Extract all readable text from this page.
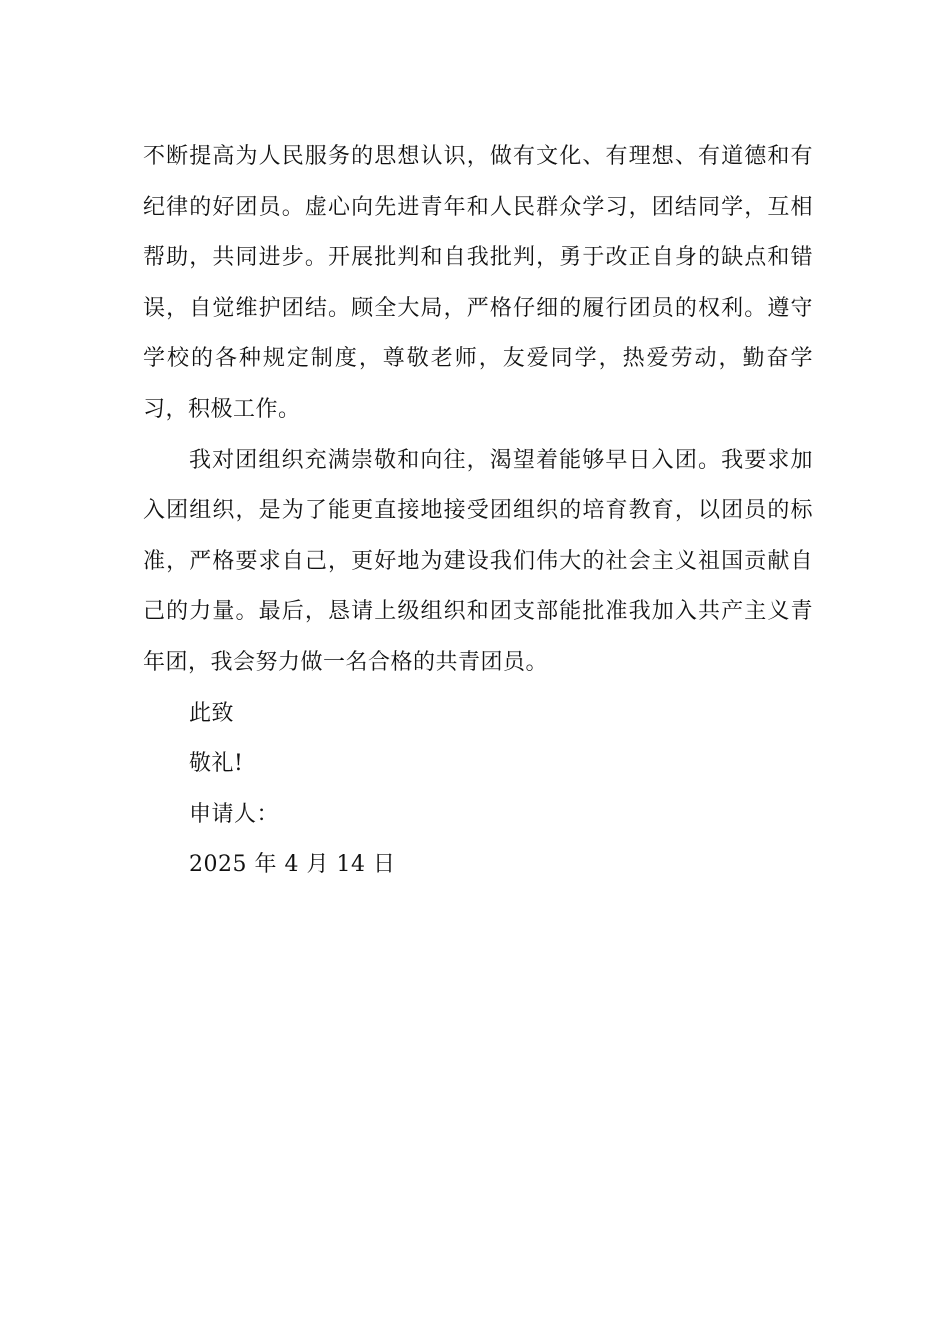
不断提高为人民服务的思想认识，做有文化、有理想、有道德和有纪律的好团员。虚心向先进青年和人民群众学习，团结同学，互相帮助，共同进步。开展批判和自我批判，勇于改正自身的缺点和错误，自觉维护团结。顾全大局，严格仔细的履行团员的权利。遵守学校的各种规定制度，尊敬老师，友爱同学，热爱劳动，勤奋学习，积极工作。

我对团组织充满崇敬和向往，渴望着能够早日入团。我要求加入团组织，是为了能更直接地接受团组织的培育教育，以团员的标准，严格要求自己，更好地为建设我们伟大的社会主义祖国贡献自己的力量。最后，恳请上级组织和团支部能批准我加入共产主义青年团，我会努力做一名合格的共青团员。

此致

敬礼!

申请人：

2025 年 4 月 14 日
